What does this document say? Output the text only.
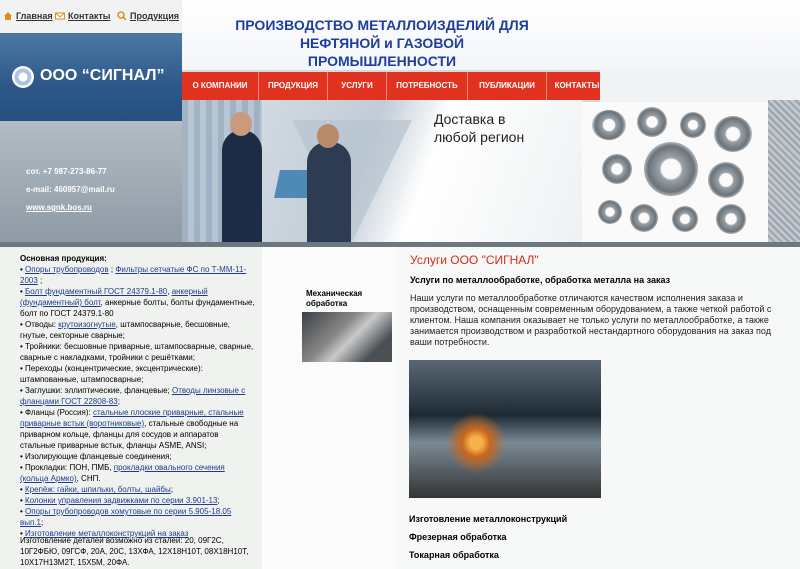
Главная Контакты Продукция
ПРОИЗВОДСТВО МЕТАЛЛОИЗДЕЛИЙ ДЛЯ
НЕФТЯНОЙ и ГАЗОВОЙ ПРОМЫШЛЕННОСТИ
ООО “СИГНАЛ”
сот. +7 987-273-86-77
e-mail: 460957@mail.ru
www.sgnk.bos.ru
О КОМПАНИИ	ПРОДУКЦИЯ	УСЛУГИ	ПОТРЕБНОСТЬ	ПУБЛИКАЦИИ	КОНТАКТЫ
Доставка в
любой регион
Основная продукция:
• Опоры трубопроводов ; Фильтры сетчатые ФС по Т-ММ-11-2003 ;
• Болт фундаментный ГОСТ 24379.1-80, анкерный (фундаментный) болт, анкерные болты, болты фундаментные, болт по ГОСТ 24379.1-80
• Отводы: крутоизогнутые, штампосварные, бесшовные, гнутые, секторные сварные;
• Тройники: бесшовные приварные, штампосварные, сварные, сварные с накладками, тройники с решётками;
• Переходы (концентрические, эксцентрические): штампованные, штампосварные;
• Заглушки: эллиптические, фланцевые; Отводы линзовые с фланцами ГОСТ 22808-83;
• Фланцы (Россия): стальные плоские приварные, стальные приварные встык (воротниковые), стальные свободные на приварном кольце, фланцы для сосудов и аппаратов стальные приварные встык, фланцы ASME, ANSI;
• Изолирующие фланцевые соединения;
• Прокладки: ПОН, ПМБ, прокладки овального сечения (кольца Армко), СНП.
• Крепёж: гайки, шпильки, болты, шайбы;
• Колонки управления задвижками по серии 3.901-13;
• Опоры трубопроводов хомутовые по серии 5.905-18.05 вып.1;
• Изготовление металлоконструкций на заказ
Изготовление деталей возможно из сталей: 20, 09Г2С, 10Г2ФБЮ, 09ГСФ, 20А, 20С, 13ХФА, 12Х18Н10Т, 08Х18Н10Т, 10Х17Н13М2Т, 15Х5М, 20ФА.
Механическая
обработка
Услуги ООО "СИГНАЛ"
Услуги по металлообработке, обработка металла на заказ
Наши услуги по металлообработке отличаются качеством исполнения заказа и производством, оснащенным современным оборудованием, а также четкой работой с клиентом. Наша компания оказывает не только услуги по металлообработке, а также занимается производством и разработкой нестандартного оборудования на заказ под ваши потребности.
Изготовление металлоконструкций
Фрезерная обработка
Токарная обработка
